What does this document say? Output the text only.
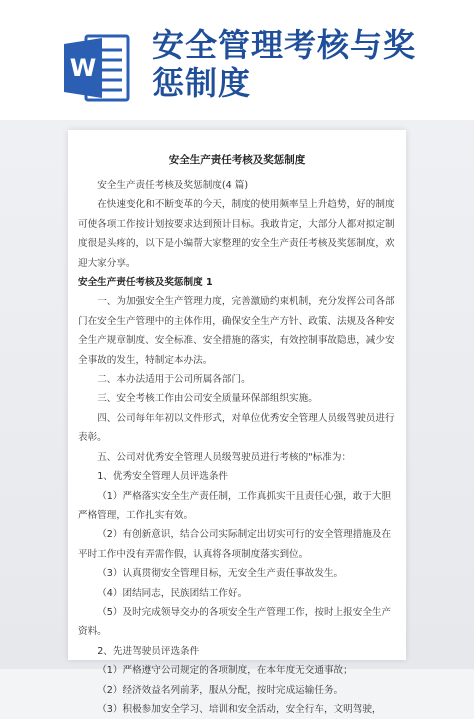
W
安全管理考核与奖
惩制度
安全生产责任考核及奖惩制度

安全生产责任考核及奖惩制度(4 篇)

在快速变化和不断变革的今天，制度的使用频率呈上升趋势，好的制度可使各项工作按计划按要求达到预计目标。我敢肯定，大部分人都对拟定制度很是头疼的，以下是小编帮大家整理的安全生产责任考核及奖惩制度，欢迎大家分享。

安全生产责任考核及奖惩制度 1

一、为加强安全生产管理力度，完善激励约束机制，充分发挥公司各部门在安全生产管理中的主体作用，确保安全生产方针、政策、法规及各种安全生产规章制度、安全标准、安全措施的落实，有效控制事故隐患，减少安全事故的发生，特制定本办法。

二、本办法适用于公司所属各部门。

三、安全考核工作由公司安全质量环保部组织实施。

四、公司每年年初以文件形式，对单位优秀安全管理人员级驾驶员进行表彰。

五、公司对优秀安全管理人员级驾驶员进行考核的"标准为：

1、优秀安全管理人员评选条件

（1）严格落实安全生产责任制，工作真抓实干且责任心强，敢于大胆严格管理，工作扎实有效。

（2）有创新意识，结合公司实际制定出切实可行的安全管理措施及在平时工作中没有弄需作假，认真将各项制度落实到位。

（3）认真贯彻安全管理目标，无安全生产责任事故发生。

（4）团结同志，民族团结工作好。

（5）及时完成领导交办的各项安全生产管理工作，按时上报安全生产资料。

2、先进驾驶员评选条件

（1）严格遵守公司规定的各项制度，在本年度无交通事故；

（2）经济效益名列前茅，服从分配，按时完成运输任务。

（3）积极参加安全学习、培训和安全活动，安全行车，文明驾驶，
